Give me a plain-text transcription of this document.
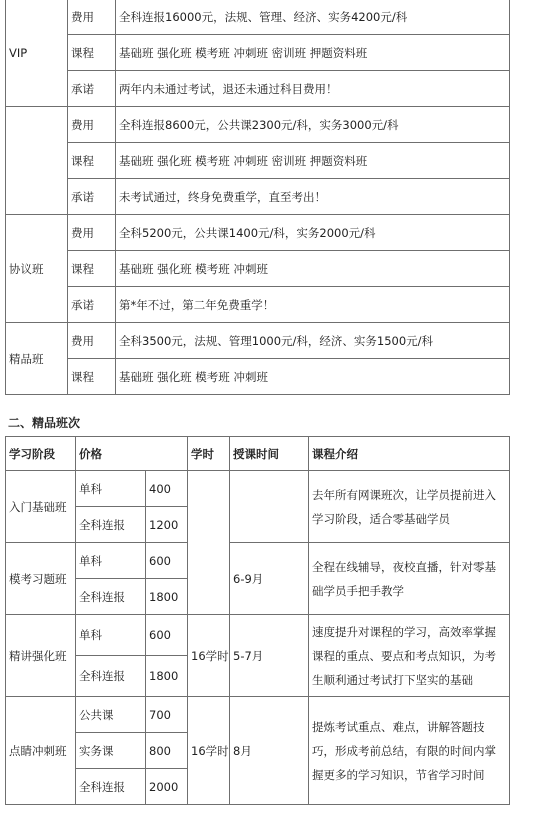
VIP	费用	全科连报16000元，法规、管理、经济、实务4200元/科
	课程	基础班 强化班 模考班 冲刺班 密训班 押题资料班
	承诺	两年内未通过考试，退还未通过科目费用！
	费用	全科连报8600元，公共课2300元/科，实务3000元/科
	课程	基础班 强化班 模考班 冲刺班 密训班 押题资料班
	承诺	未考试通过，终身免费重学，直至考出！
协议班	费用	全科5200元，公共课1400元/科，实务2000元/科
	课程	基础班 强化班 模考班 冲刺班
	承诺	第*年不过，第二年免费重学！
精品班	费用	全科3500元，法规、管理1000元/科，经济、实务1500元/科
	课程	基础班 强化班 模考班 冲刺班
二、精品班次
学习阶段	价格		学时	授课时间	课程介绍
入门基础班	单科	400			去年所有网课班次，让学员提前进入学习阶段，适合零基础学员
	全科连报	1200			
模考习题班	单科	600		6-9月	全程在线辅导，夜校直播，针对零基础学员手把手教学
	全科连报	1800			
精讲强化班	单科	600	16学时	5-7月	速度提升对课程的学习，高效率掌握课程的重点、要点和考点知识，为考生顺利通过考试打下坚实的基础
	全科连报	1800			
点睛冲刺班	公共课	700	16学时	8月	提炼考试重点、难点，讲解答题技巧，形成考前总结，有限的时间内掌握更多的学习知识，节省学习时间
	实务课	800			
	全科连报	2000			
